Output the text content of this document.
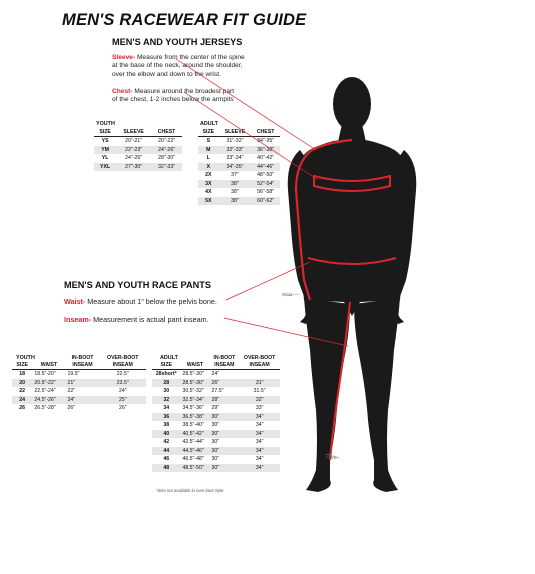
MEN'S RACEWEAR FIT GUIDE
MEN'S AND YOUTH JERSEYS
Sleeve- Measure from the center of the spine
at the base of the neck, around the shoulder,
over the elbow and down to the wrist.
Chest- Measure around the broadest part
of the chest, 1-2 inches below the armpits
YOUTH
SIZE	SLEEVE	CHEST
YS	20"-21"	20"-22"
YM	22"-23"	24"-26"
YL	24"-26"	28"-30"
YXL	27"-30"	32"-33"
ADULT
SIZE	SLEEVE	CHEST
S	31"-32"	34"-35"
M	32"-33"	36"-38"
L	33"-34"	40"-42"
X	34"-35"	44"-46"
2X	37"	48"-50"
3X	38"	52"-54"
4X	38"	56"-58"
5X	38"	60"-62"
MEN'S AND YOUTH RACE PANTS
Waist- Measure about 1" below the pelvis bone.
Inseam- Measurement is actual pant inseam.
YOUTH
			IN-BOOT	OVER-BOOT
SIZE	WAIST	INSEAM	INSEAM
18	18.5"-20"	19.5"	22.5"
20	20.5"-22"	21"	23.5"
22	22.5"-24"	22"	24"
24	24.5"-26"	24"	25"
26	26.5"-28"	26"	26"
ADULT
			IN-BOOT	OVER-BOOT
SIZE	WAIST	INSEAM	INSEAM
28short*	28.5"-30"	24"	
28	28.5"-30"	26"	31"
30	30.5"-32"	27.5"	31.5"
32	32.5"-34"	28"	32"
34	34.5"-36"	29"	33"
36	36.5"-38"	30"	34"
38	38.5"-40"	30"	34"
40	40.5"-42"	30"	34"
42	42.5"-44"	30"	34"
44	44.5"-46"	30"	34"
46	46.5"-48"	30"	34"
48	48.5"-50"	30"	34"
*Size not available in over-boot style
Wrist
Ankle
